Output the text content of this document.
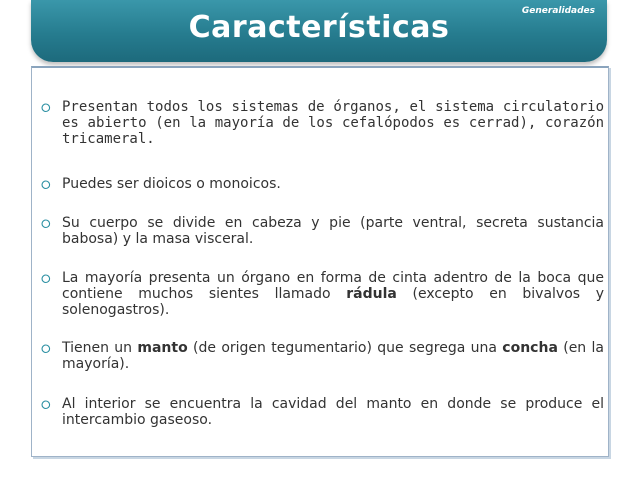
Características	Generalidades

⭘ Presentan todos los sistemas de órganos, el sistema circulatorio es abierto (en la mayoría de los cefalópodos es cerrad), corazón tricameral.

⭘ Puedes ser dioicos o monoicos.

⭘ Su cuerpo se divide en cabeza y pie (parte ventral, secreta sustancia babosa) y la masa visceral.

⭘ La mayoría presenta un órgano en forma de cinta adentro de la boca que contiene muchos sientes llamado rádula (excepto en bivalvos y solenogastros).

⭘ Tienen un manto (de origen tegumentario) que segrega una concha (en la mayoría).

⭘ Al interior se encuentra la cavidad del manto en donde se produce el intercambio gaseoso.
